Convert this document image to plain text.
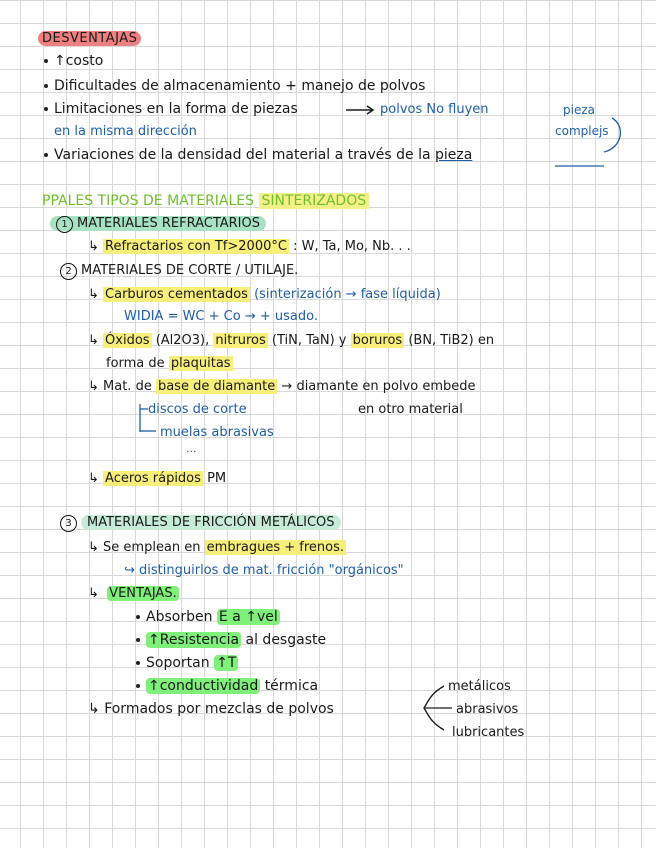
DESVENTAJAS
↑costo
Dificultades de almacenamiento + manejo de polvos
Limitaciones en la forma de piezas	polvos No fluyen
en la misma dirección
pieza
complejs
Variaciones de la densidad del material a través de la pieza
PPALES TIPOS DE MATERIALES SINTERIZADOS
1 MATERIALES REFRACTARIOS
↳ Refractarios con Tf>2000°C : W, Ta, Mo, Nb. . .
2 MATERIALES DE CORTE / UTILAJE.
↳ Carburos cementados (sinterización → fase líquida)
WIDIA = WC + Co → + usado.
↳ Óxidos (Al2O3), nitruros (TiN, TaN) y boruros (BN, TiB2) en
forma de plaquitas
↳ Mat. de base de diamante → diamante en polvo embede
en otro material
discos de corte
muelas abrasivas
...
↳ Aceros rápidos PM
3 MATERIALES DE FRICCIÓN METÁLICOS
↳ Se emplean en embragues + frenos.
↪ distinguirlos de mat. fricción "orgánicos"
↳  VENTAJAS.
Absorben E a ↑vel
↑Resistencia al desgaste
Soportan ↑T
↑conductividad térmica
↳ Formados por mezclas de polvos
metálicos
abrasivos
lubricantes
